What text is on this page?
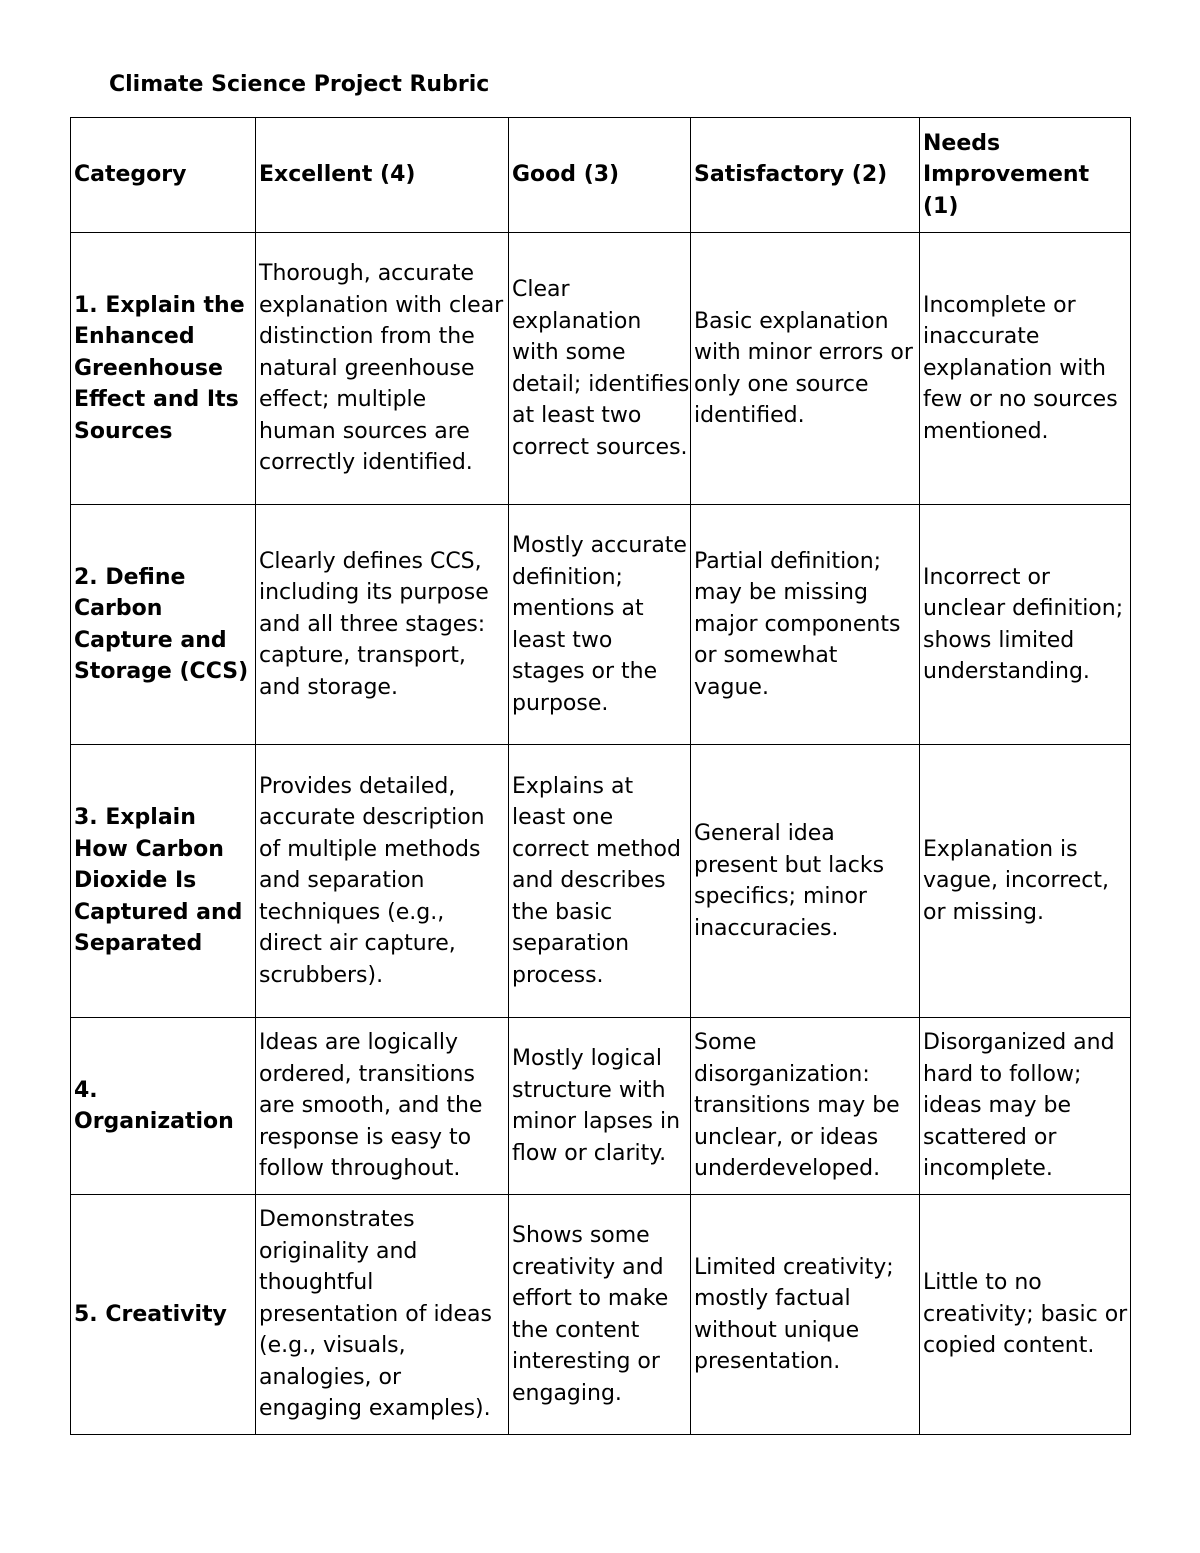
Climate Science Project Rubric
Category	Excellent (4)	Good (3)	Satisfactory (2)	Needs Improvement (1)
1. Explain the Enhanced Greenhouse Effect and Its Sources	Thorough, accurate explanation with clear distinction from the natural greenhouse effect; multiple human sources are correctly identified.	Clear explanation with some detail; identifies at least two correct sources.	Basic explanation with minor errors or only one source identified.	Incomplete or inaccurate explanation with few or no sources mentioned.
2. Define Carbon Capture and Storage (CCS)	Clearly defines CCS, including its purpose and all three stages: capture, transport, and storage.	Mostly accurate definition; mentions at least two stages or the purpose.	Partial definition; may be missing major components or somewhat vague.	Incorrect or unclear definition; shows limited understanding.
3. Explain How Carbon Dioxide Is Captured and Separated	Provides detailed, accurate description of multiple methods and separation techniques (e.g., direct air capture, scrubbers).	Explains at least one correct method and describes the basic separation process.	General idea present but lacks specifics; minor inaccuracies.	Explanation is vague, incorrect, or missing.
4. Organization	Ideas are logically ordered, transitions are smooth, and the response is easy to follow throughout.	Mostly logical structure with minor lapses in flow or clarity.	Some disorganization: transitions may be unclear, or ideas underdeveloped.	Disorganized and hard to follow; ideas may be scattered or incomplete.
5. Creativity	Demonstrates originality and thoughtful presentation of ideas (e.g., visuals, analogies, or engaging examples).	Shows some creativity and effort to make the content interesting or engaging.	Limited creativity; mostly factual without unique presentation.	Little to no creativity; basic or copied content.
